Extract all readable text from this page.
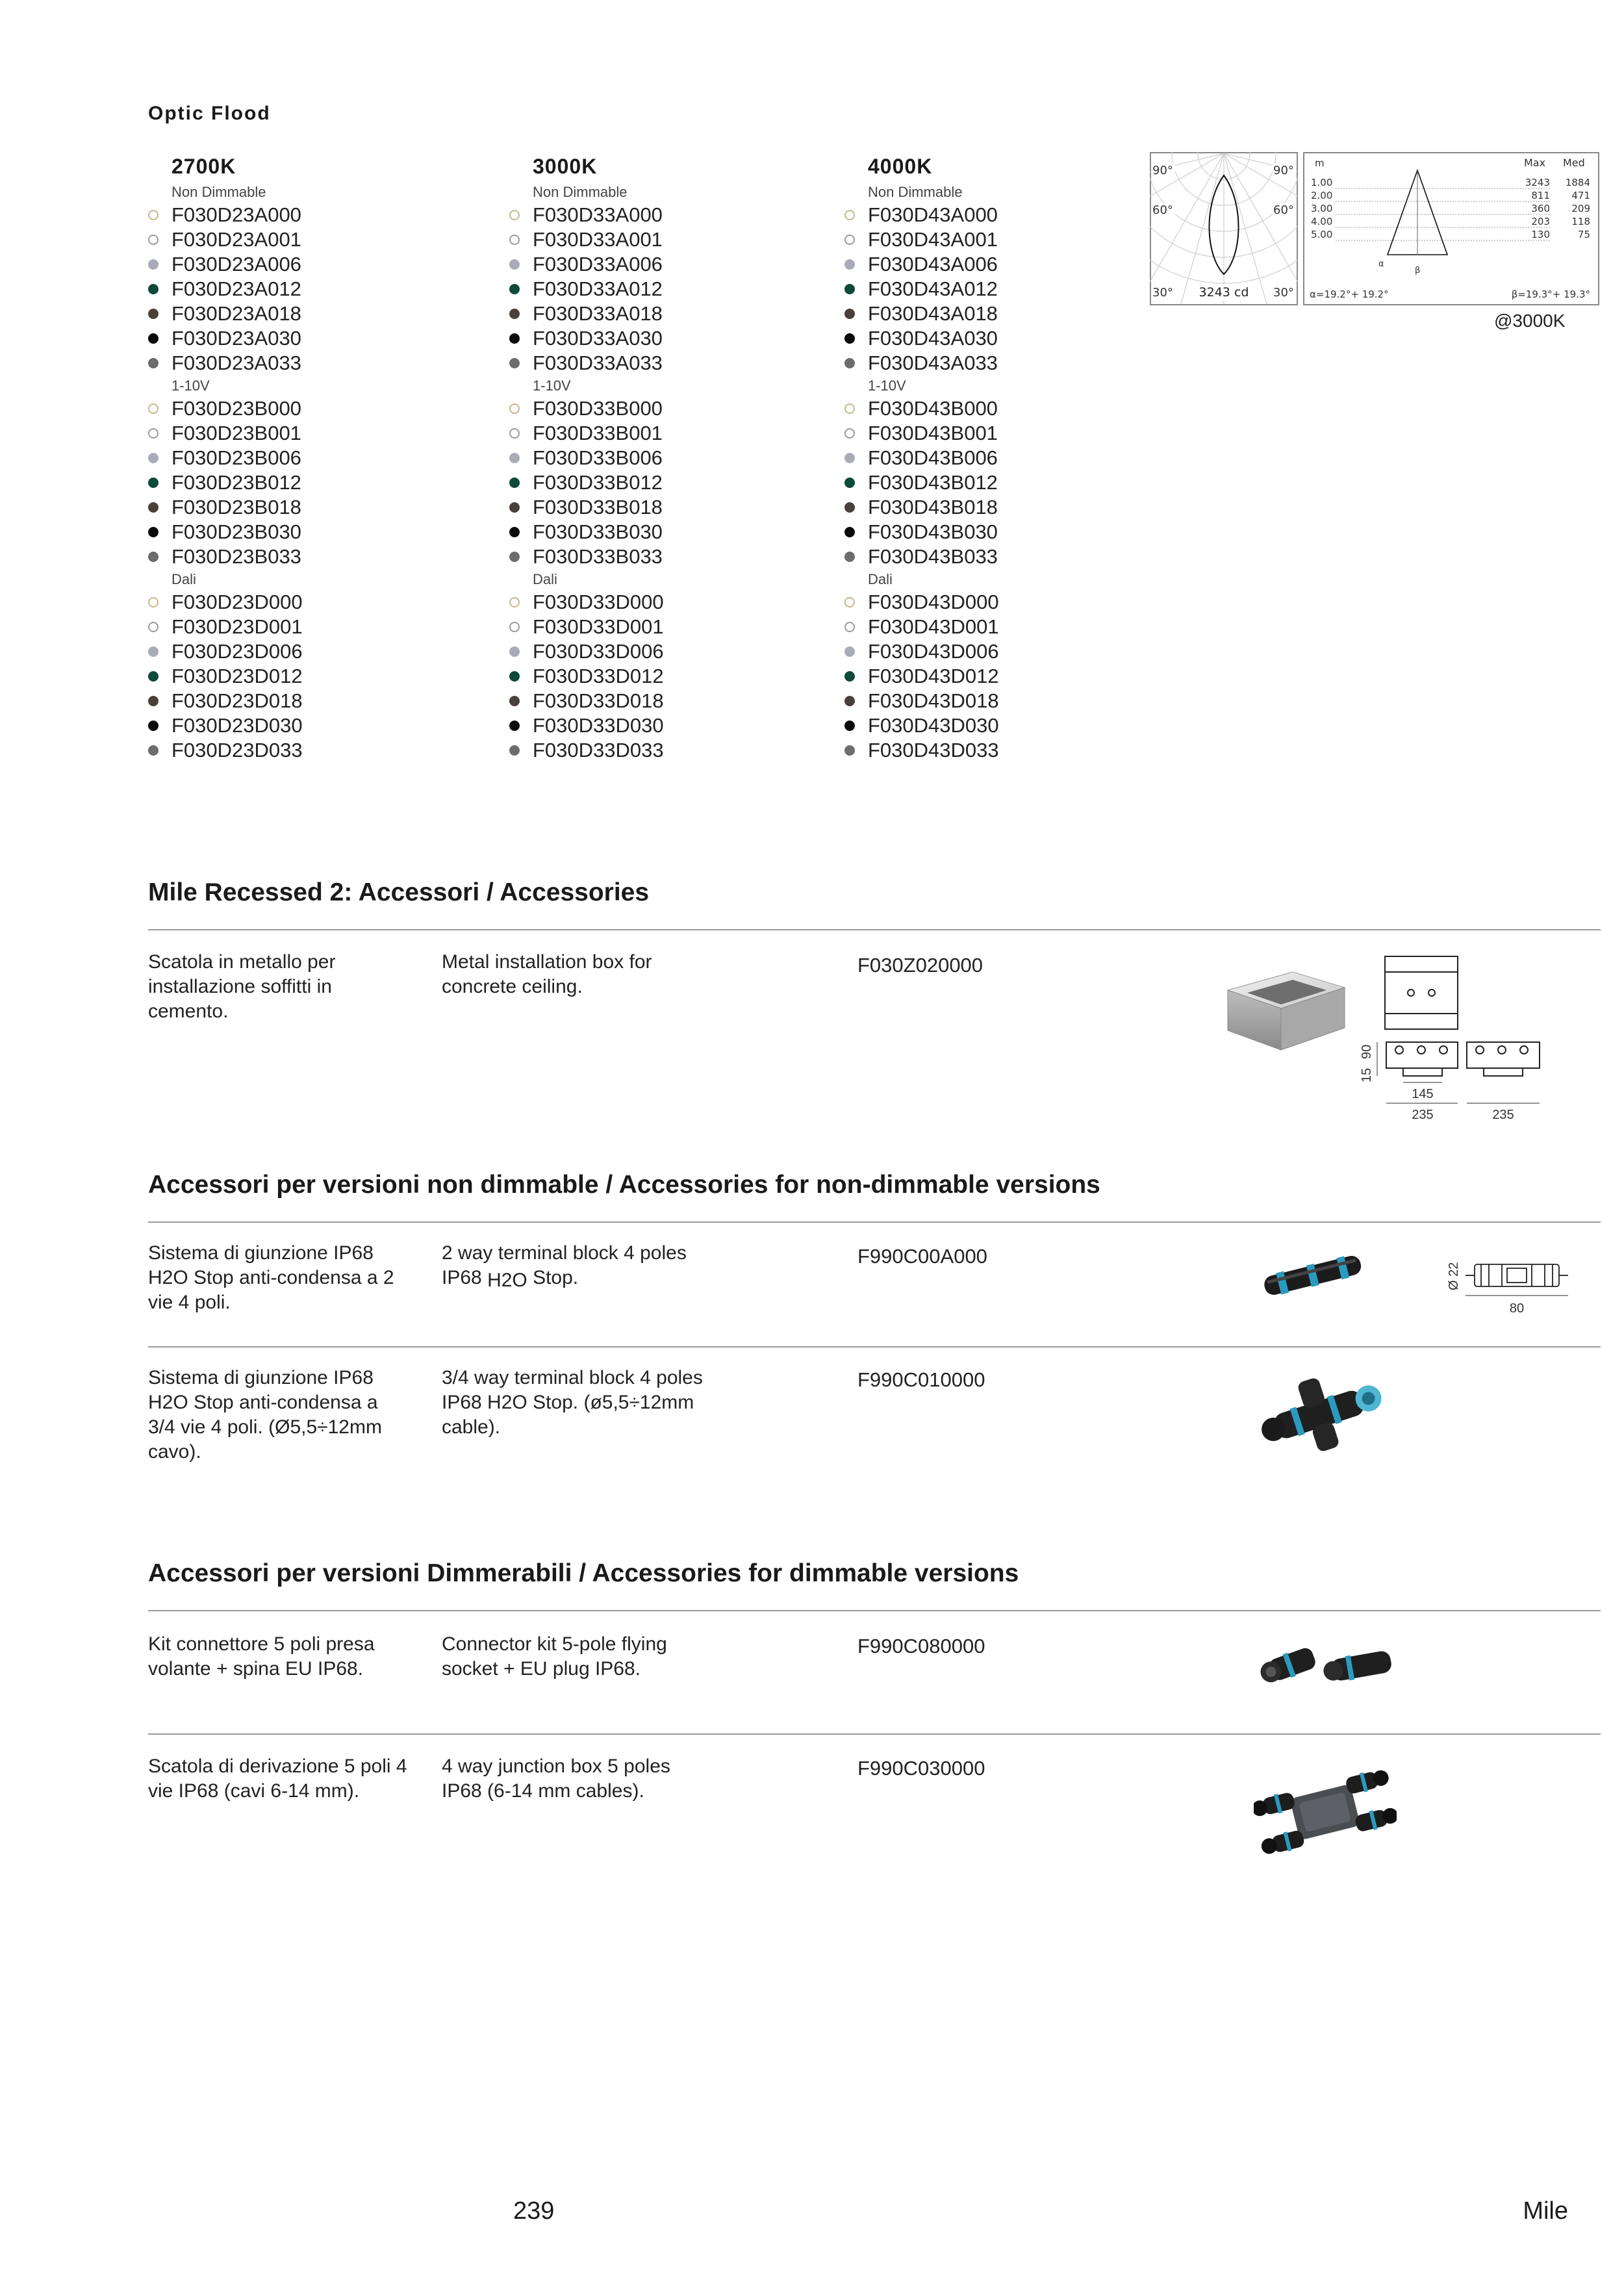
Optic Flood
2700K
Non Dimmable
F030D23A000
F030D23A001
F030D23A006
F030D23A012
F030D23A018
F030D23A030
F030D23A033
1-10V
F030D23B000
F030D23B001
F030D23B006
F030D23B012
F030D23B018
F030D23B030
F030D23B033
Dali
F030D23D000
F030D23D001
F030D23D006
F030D23D012
F030D23D018
F030D23D030
F030D23D033
3000K
Non Dimmable
F030D33A000
F030D33A001
F030D33A006
F030D33A012
F030D33A018
F030D33A030
F030D33A033
1-10V
F030D33B000
F030D33B001
F030D33B006
F030D33B012
F030D33B018
F030D33B030
F030D33B033
Dali
F030D33D000
F030D33D001
F030D33D006
F030D33D012
F030D33D018
F030D33D030
F030D33D033
4000K
Non Dimmable
F030D43A000
F030D43A001
F030D43A006
F030D43A012
F030D43A018
F030D43A030
F030D43A033
1-10V
F030D43B000
F030D43B001
F030D43B006
F030D43B012
F030D43B018
F030D43B030
F030D43B033
Dali
F030D43D000
F030D43D001
F030D43D006
F030D43D012
F030D43D018
F030D43D030
F030D43D033
90°	90°
60°	60°
30°	30°
3243 cd
m	Max Med
α
β
1.00	3243 1884
2.00	811 471
3.00	360 209
4.00	203 118
5.00	130	75
α=19.2°+ 19.2°	β=19.3°+ 19.3°
@3000K
Mile Recessed 2: Accessori / Accessories
Scatola in metallo per
installazione soffitti in
cemento.
Metal installation box for
concrete ceiling.
F030Z020000
145
235	235
15
90
Accessori per versioni non dimmable / Accessories for non-dimmable versions
Sistema di giunzione IP68
H2O Stop anti-condensa a 2
vie 4 poli.
2 way terminal block 4 poles
IP68 H2O Stop.
F990C00A000
80
Ø 22
Sistema di giunzione IP68
H2O Stop anti-condensa a
3/4 vie 4 poli. (Ø5,5÷12mm
cavo).
3/4 way terminal block 4 poles
IP68 H2O Stop. (ø5,5÷12mm
cable).
F990C010000
Accessori per versioni Dimmerabili / Accessories for dimmable versions
Kit connettore 5 poli presa
volante + spina EU IP68.
Connector kit 5-pole flying
socket + EU plug IP68.
F990C080000
Scatola di derivazione 5 poli 4
vie IP68 (cavi 6-14 mm).
4 way junction box 5 poles
IP68 (6-14 mm cables).
F990C030000
239	Mile
